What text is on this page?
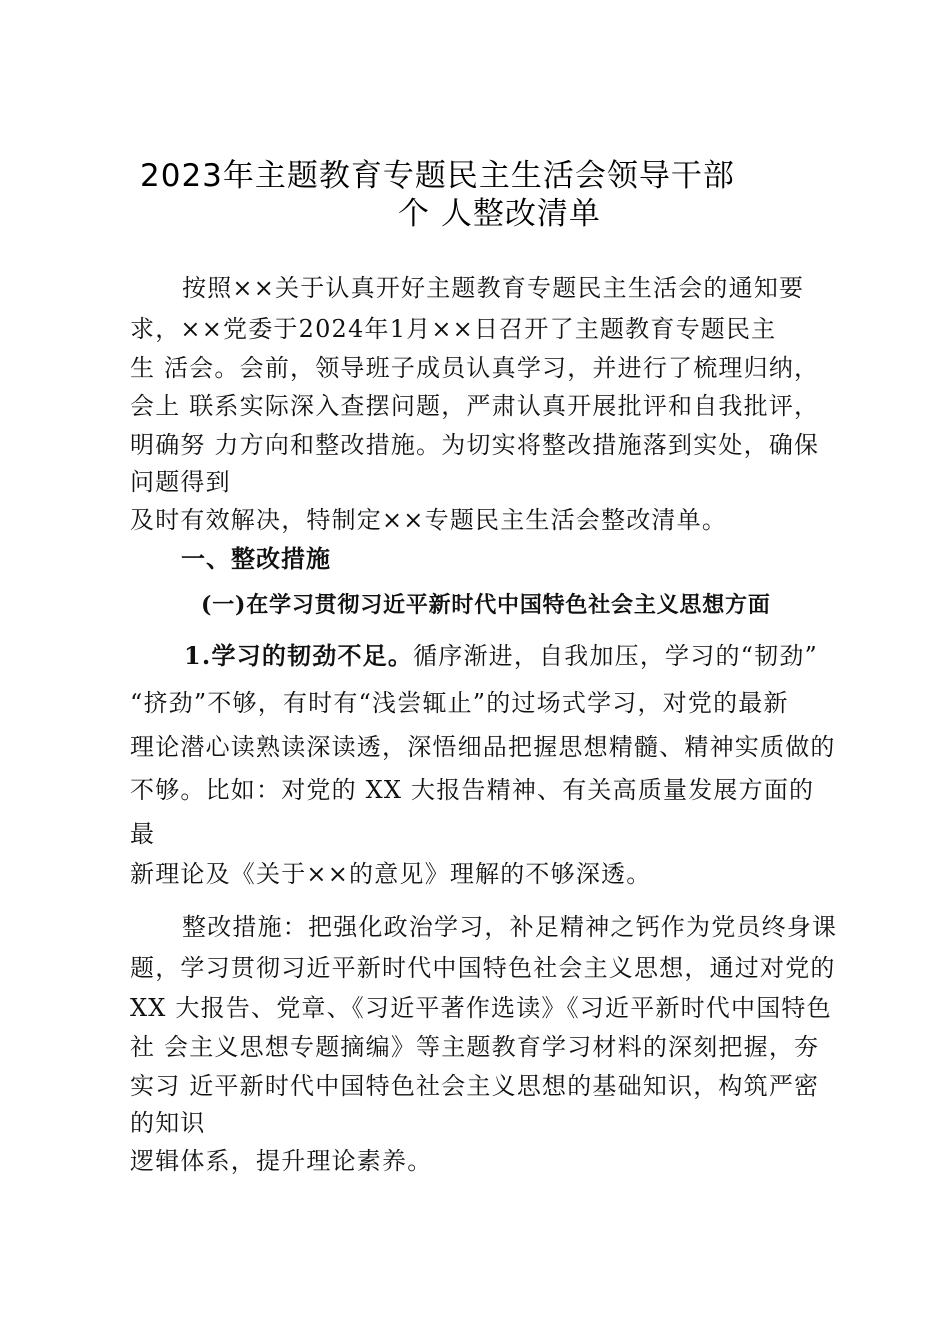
2023年主题教育专题民主生活会领导干部
个 人整改清单
按照××关于认真开好主题教育专题民主生活会的通知要
求，××党委于2024年1月××日召开了主题教育专题民主
生 活会。会前，领导班子成员认真学习，并进行了梳理归纳，
会上 联系实际深入查摆问题，严肃认真开展批评和自我批评，
明确努 力方向和整改措施。为切实将整改措施落到实处，确保
问题得到
及时有效解决，特制定××专题民主生活会整改清单。
一、整改措施
(一)在学习贯彻习近平新时代中国特色社会主义思想方面
1.学习的韧劲不足。循序渐进，自我加压，学习的“韧劲”
“挤劲”不够，有时有“浅尝辄止”的过场式学习，对党的最新
理论潜心读熟读深读透，深悟细品把握思想精髓、精神实质做的
不够。比如：对党的 XX 大报告精神、有关高质量发展方面的
最
新理论及《关于××的意见》理解的不够深透。
整改措施：把强化政治学习，补足精神之钙作为党员终身课
题，学习贯彻习近平新时代中国特色社会主义思想，通过对党的
XX 大报告、党章、《习近平著作选读》《习近平新时代中国特色
社 会主义思想专题摘编》等主题教育学习材料的深刻把握，夯
实习 近平新时代中国特色社会主义思想的基础知识，构筑严密
的知识
逻辑体系，提升理论素养。
